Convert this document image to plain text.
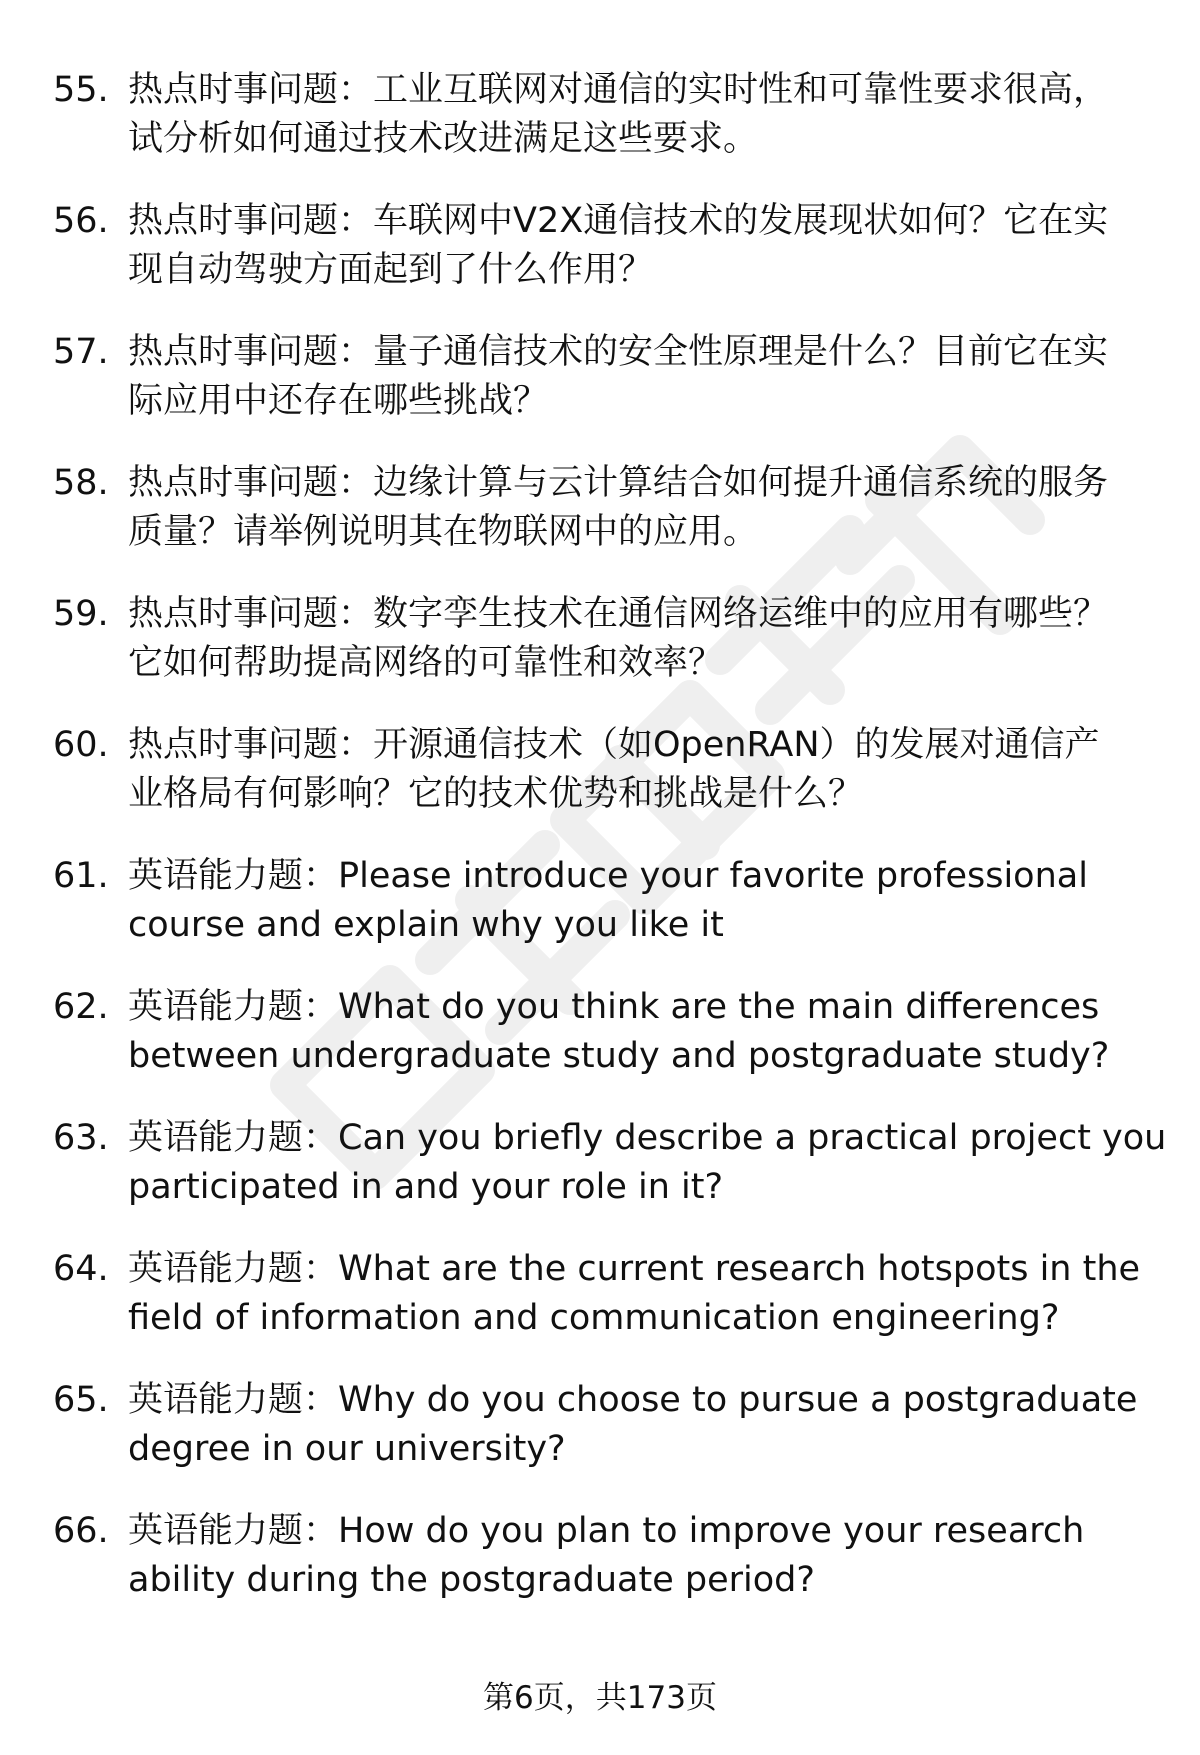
55. 热点时事问题：工业互联网对通信的实时性和可靠性要求很高，
试分析如何通过技术改进满足这些要求。
56. 热点时事问题：车联网中V2X通信技术的发展现状如何？它在实
现自动驾驶方面起到了什么作用？
57. 热点时事问题：量子通信技术的安全性原理是什么？目前它在实
际应用中还存在哪些挑战？
58. 热点时事问题：边缘计算与云计算结合如何提升通信系统的服务
质量？请举例说明其在物联网中的应用。
59. 热点时事问题：数字孪生技术在通信网络运维中的应用有哪些？
它如何帮助提高网络的可靠性和效率？
60. 热点时事问题：开源通信技术（如OpenRAN）的发展对通信产
业格局有何影响？它的技术优势和挑战是什么？
61. 英语能力题：Please introduce your favorite professional
course and explain why you like it
62. 英语能力题：What do you think are the main differences
between undergraduate study and postgraduate study?
63. 英语能力题：Can you briefly describe a practical project you
participated in and your role in it?
64. 英语能力题：What are the current research hotspots in the
field of information and communication engineering?
65. 英语能力题：Why do you choose to pursue a postgraduate
degree in our university?
66. 英语能力题：How do you plan to improve your research
ability during the postgraduate period?
第6页，共173页
